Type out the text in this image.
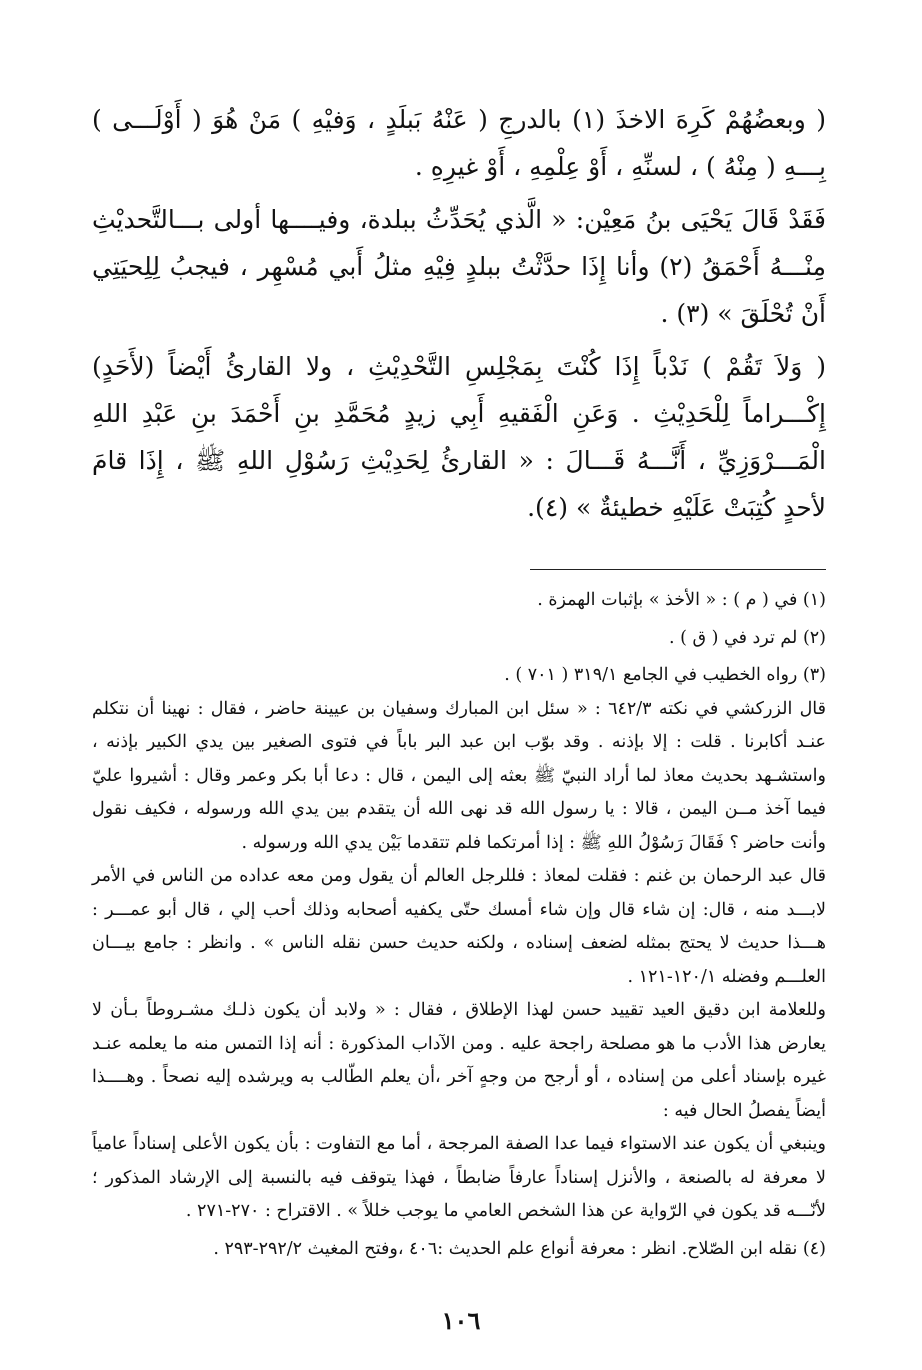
( وبعضُهُمْ كَرِهَ الاخذَ (١) بالدرجِ ( عَنْهُ بَبلَدٍ ، وَفيْهِ ) مَنْ هُوَ ( أَوْلَـــى ) بِـــهِ ( مِنْهُ ) ، لسنِّهِ ، أَوْ عِلْمِهِ ، أَوْ غيرِهِ .

فَقَدْ قَالَ يَحْيَى بنُ مَعِيْن: « الَّذي يُحَدِّثُ ببلدة، وفيــــها أولى بـــالتَّحديْثِ مِنْـــهُ أَحْمَقُ (٢) وأنا إِذَا حدَّثْتُ ببلدٍ فِيْهِ مثلُ أَبي مُسْهِر ، فيجبُ لِلِحيَتِي أَنْ تُحْلَقَ » (٣) .

( وَلاَ تَقُمْ ) نَدْباً إِذَا كُنْتَ بِمَجْلِسِ التَّحْدِيْثِ ، ولا القارئُ أَيْضاً (لأَحَدٍ) إِكْـــراماً لِلْحَدِيْثِ . وَعَنِ الْفَقيهِ أَبِي زيدٍ مُحَمَّدِ بنِ أَحْمَدَ بنِ عَبْدِ اللهِ الْمَـــرْوَزِيِّ ، أَنَّـــهُ قَـــالَ : « القارئُ لِحَدِيْثِ رَسُوْلِ اللهِ ﷺ ، إِذَا قامَ لأحدٍ كُتِبَتْ عَلَيْهِ خطيئةٌ » (٤).

(١) في ( م ) : « الأخذ » بإثبات الهمزة .

(٢) لم ترد في ( ق ) .

(٣) رواه الخطيب في الجامع ٣١٩/١ ( ٧٠١ ) .

قال الزركشي في نكته ٦٤٢/٣ : « سئل ابن المبارك وسفيان بن عيينة حاضر ، فقال : نهينا أن نتكلم عنـد أكابرنا . قلت : إلا بإذنه . وقد بوّب ابن عبد البر باباً في فتوى الصغير بين يدي الكبير بإذنه ، واستشـهد بحديث معاذ لما أراد النبيّ ﷺ بعثه إلى اليمن ، قال : دعا أبا بكر وعمر وقال : أشيروا عليّ فيما آخذ مــن اليمن ، قالا : يا رسول الله قد نهى الله أن يتقدم بين يدي الله ورسوله ، فكيف نقول وأنت حاضر ؟ فَقَالَ رَسُوْلُ اللهِ ﷺ : إذا أمرتكما فلم تتقدما بَيْن يدي الله ورسوله .

قال عبد الرحمان بن غنم : فقلت لمعاذ : فللرجل العالم أن يقول ومن معه عداده من الناس في الأمر لابـــد منه ، قال: إن شاء قال وإن شاء أمسك حتّى يكفيه أصحابه وذلك أحب إلي ، قال أبو عمـــر : هـــذا حديث لا يحتج بمثله لضعف إسناده ، ولكنه حديث حسن نقله الناس » . وانظر : جامع بيـــان العلـــم وفضله ١٢٠/١-١٢١ .

وللعلامة ابن دقيق العيد تقييد حسن لهذا الإطلاق ، فقال : « ولابد أن يكون ذلـك مشـروطاً بـأن لا يعارض هذا الأدب ما هو مصلحة راجحة عليه . ومن الآداب المذكورة : أنه إذا التمس منه ما يعلمه عنـد غيره بإسناد أعلى من إسناده ، أو أرجح من وجهٍ آخر ،أن يعلم الطّالب به ويرشده إليه نصحاً . وهــــذا أيضاً يفصلُ الحال فيه :

وينبغي أن يكون عند الاستواء فيما عدا الصفة المرجحة ، أما مع التفاوت : بأن يكون الأعلى إسناداً عامياً لا معرفة له بالصنعة ، والأنزل إسناداً عارفاً ضابطاً ، فهذا يتوقف فيه بالنسبة إلى الإرشاد المذكور ؛ لأنّـــه قد يكون في الرّواية عن هذا الشخص العامي ما يوجب خللاً » . الاقتراح : ٢٧٠-٢٧١ .

(٤) نقله ابن الصّلاح. انظر : معرفة أنواع علم الحديث :٤٠٦ ،وفتح المغيث ٢٩٢/٢-٢٩٣ .

١٠٦
